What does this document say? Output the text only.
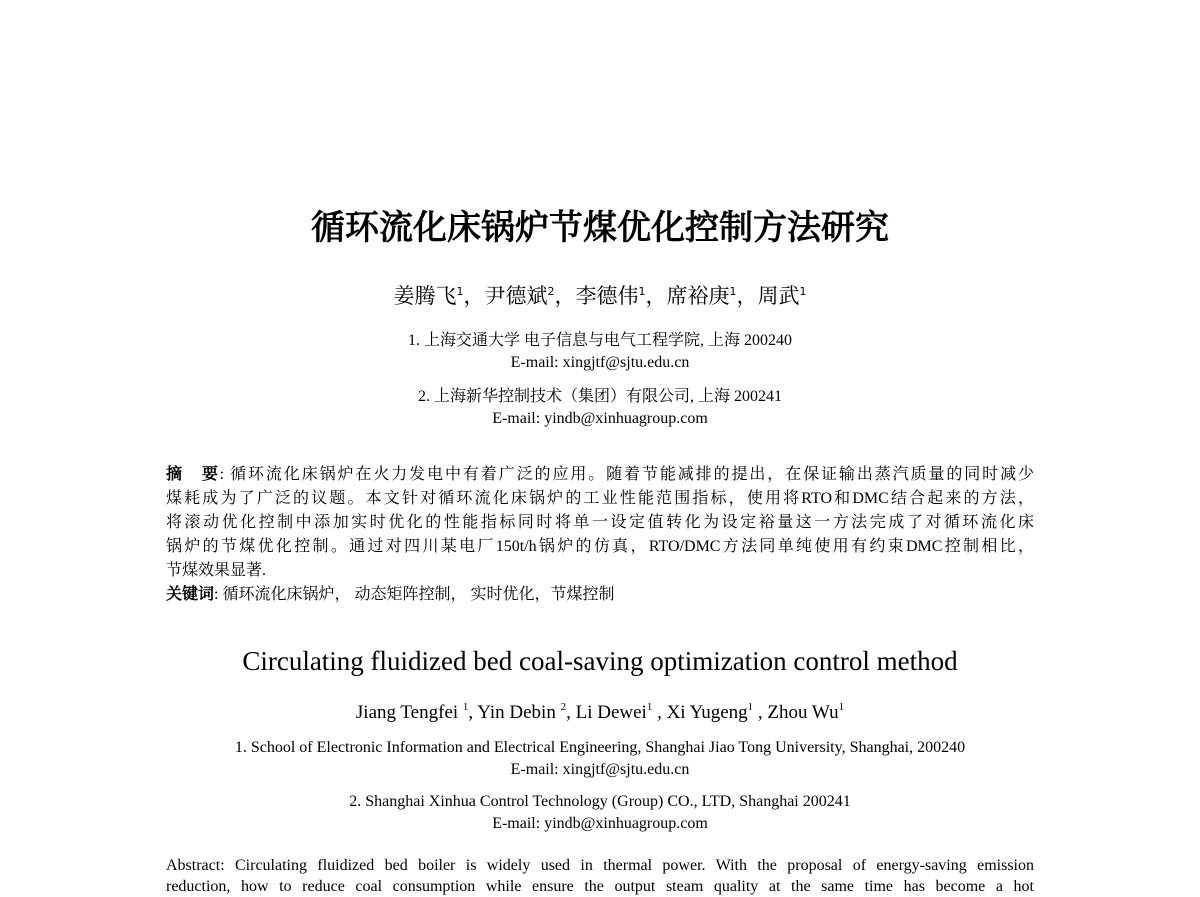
循环流化床锅炉节煤优化控制方法研究
姜腾飞$^1$，尹德斌$^2$，李德伟$^1$，席裕庚$^1$，周武$^1$
1. 上海交通大学 电子信息与电气工程学院, 上海 200240
E-mail: xingjtf@sjtu.edu.cn
2. 上海新华控制技术（集团）有限公司, 上海 200241
E-mail: yindb@xinhuagroup.com
摘　要: 循环流化床锅炉在火力发电中有着广泛的应用。随着节能减排的提出，在保证输出蒸汽质量的同时减少
煤耗成为了广泛的议题。本文针对循环流化床锅炉的工业性能范围指标，使用将RTO和DMC结合起来的方法，
将滚动优化控制中添加实时优化的性能指标同时将单一设定值转化为设定裕量这一方法完成了对循环流化床
锅炉的节煤优化控制。通过对四川某电厂150t/h锅炉的仿真，RTO/DMC方法同单纯使用有约束DMC控制相比，
节煤效果显著.
关键词: 循环流化床锅炉， 动态矩阵控制， 实时优化，节煤控制
Circulating fluidized bed coal-saving optimization control method
Jiang Tengfei $^1$, Yin Debin $^2$, Li Dewei$^1$ , Xi Yugeng$^1$ , Zhou Wu$^1$
1. School of Electronic Information and Electrical Engineering, Shanghai Jiao Tong University, Shanghai, 200240
E-mail: xingjtf@sjtu.edu.cn
2. Shanghai Xinhua Control Technology (Group) CO., LTD, Shanghai 200241
E-mail: yindb@xinhuagroup.com
Abstract: Circulating fluidized bed boiler is widely used in thermal power. With the proposal of energy-saving emission
reduction, how to reduce coal consumption while ensure the output steam quality at the same time has become a hot
